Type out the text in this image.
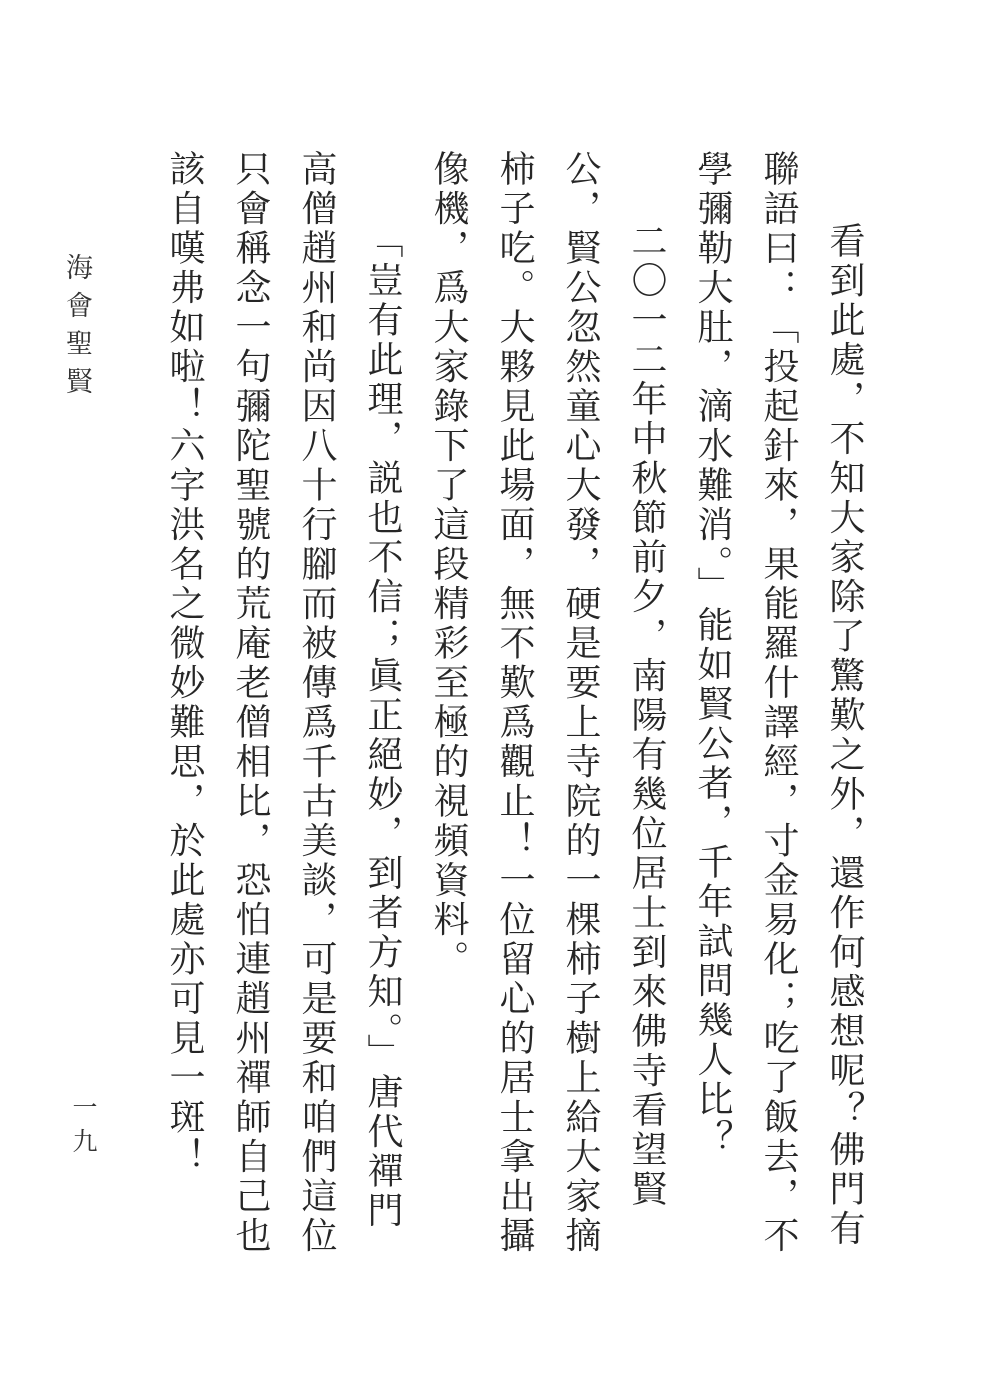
看到此處，不知大家除了驚歎之外，還作何感想呢？佛門有聯語曰：「投起針來，果能羅什譯經，寸金易化；吃了飯去，不學彌勒大肚，滴水難消。」能如賢公者，千年試問幾人比？

二〇一二年中秋節前夕，南陽有幾位居士到來佛寺看望賢公，賢公忽然童心大發，硬是要上寺院的一棵柿子樹上給大家摘柿子吃。大夥見此場面，無不歎爲觀止！一位留心的居士拿出攝像機，爲大家錄下了這段精彩至極的視頻資料。

「豈有此理，説也不信；眞正絕妙，到者方知。」唐代禪門高僧趙州和尚因八十行腳而被傳爲千古美談，可是要和咱們這位只會稱念一句彌陀聖號的荒庵老僧相比，恐怕連趙州禪師自己也該自嘆弗如啦！六字洪名之微妙難思，於此處亦可見一斑！

海會聖賢
一九
